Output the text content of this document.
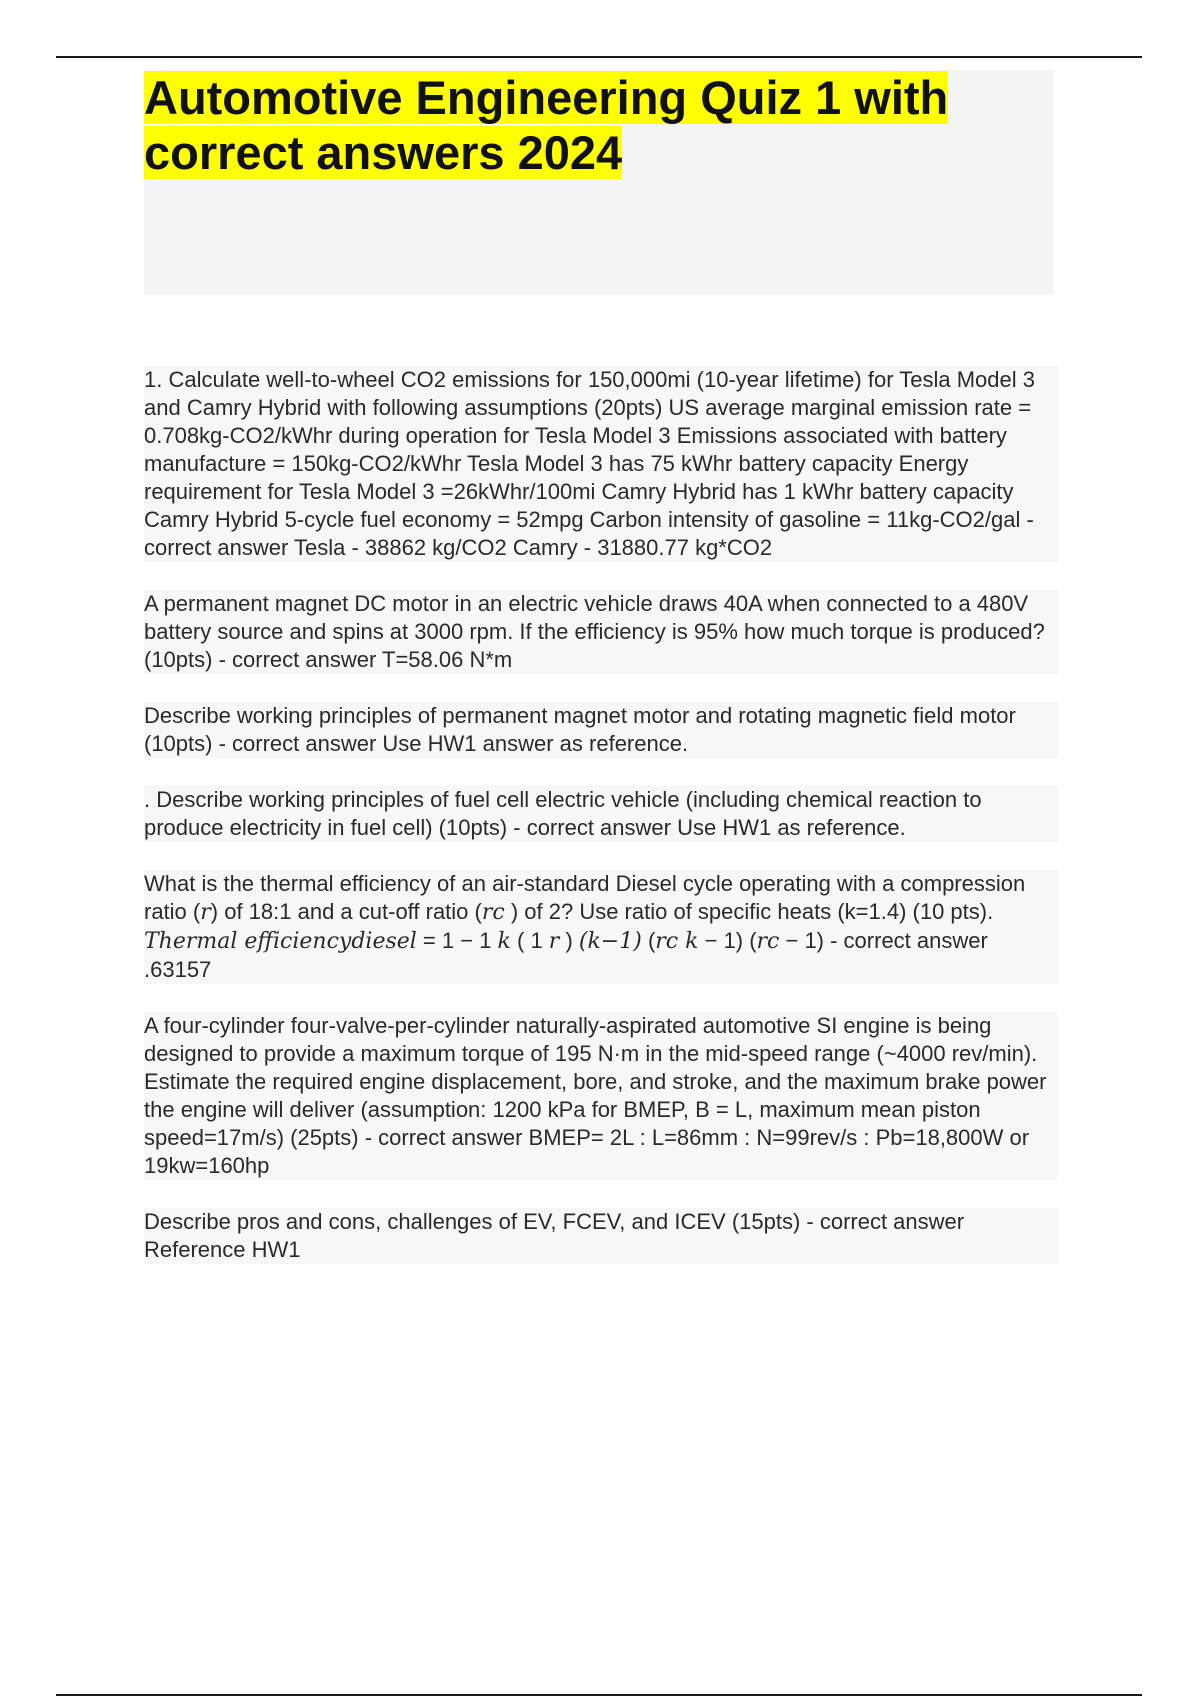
Automotive Engineering Quiz 1 with correct answers 2024

1. Calculate well-to-wheel CO2 emissions for 150,000mi (10-year lifetime) for Tesla Model 3 and Camry Hybrid with following assumptions (20pts) US average marginal emission rate = 0.708kg-CO2/kWhr during operation for Tesla Model 3 Emissions associated with battery manufacture = 150kg-CO2/kWhr Tesla Model 3 has 75 kWhr battery capacity Energy requirement for Tesla Model 3 =26kWhr/100mi Camry Hybrid has 1 kWhr battery capacity Camry Hybrid 5-cycle fuel economy = 52mpg Carbon intensity of gasoline = 11kg-CO2/gal - correct answer Tesla - 38862 kg/CO2 Camry - 31880.77 kg*CO2

A permanent magnet DC motor in an electric vehicle draws 40A when connected to a 480V battery source and spins at 3000 rpm. If the efficiency is 95% how much torque is produced? (10pts) - correct answer T=58.06 N*m

Describe working principles of permanent magnet motor and rotating magnetic field motor (10pts) - correct answer Use HW1 answer as reference.

. Describe working principles of fuel cell electric vehicle (including chemical reaction to produce electricity in fuel cell) (10pts) - correct answer Use HW1 as reference.

What is the thermal efficiency of an air-standard Diesel cycle operating with a compression ratio (r) of 18:1 and a cut-off ratio (rc ) of 2? Use ratio of specific heats (k=1.4) (10 pts). Thermal efficiencydiesel = 1 − 1 k ( 1 r ) (k−1) (rc k − 1) (rc − 1) - correct answer .63157

A four-cylinder four-valve-per-cylinder naturally-aspirated automotive SI engine is being designed to provide a maximum torque of 195 N·m in the mid-speed range (~4000 rev/min). Estimate the required engine displacement, bore, and stroke, and the maximum brake power the engine will deliver (assumption: 1200 kPa for BMEP, B = L, maximum mean piston speed=17m/s) (25pts) - correct answer BMEP= 2L : L=86mm : N=99rev/s : Pb=18,800W or 19kw=160hp

Describe pros and cons, challenges of EV, FCEV, and ICEV (15pts) - correct answer Reference HW1
